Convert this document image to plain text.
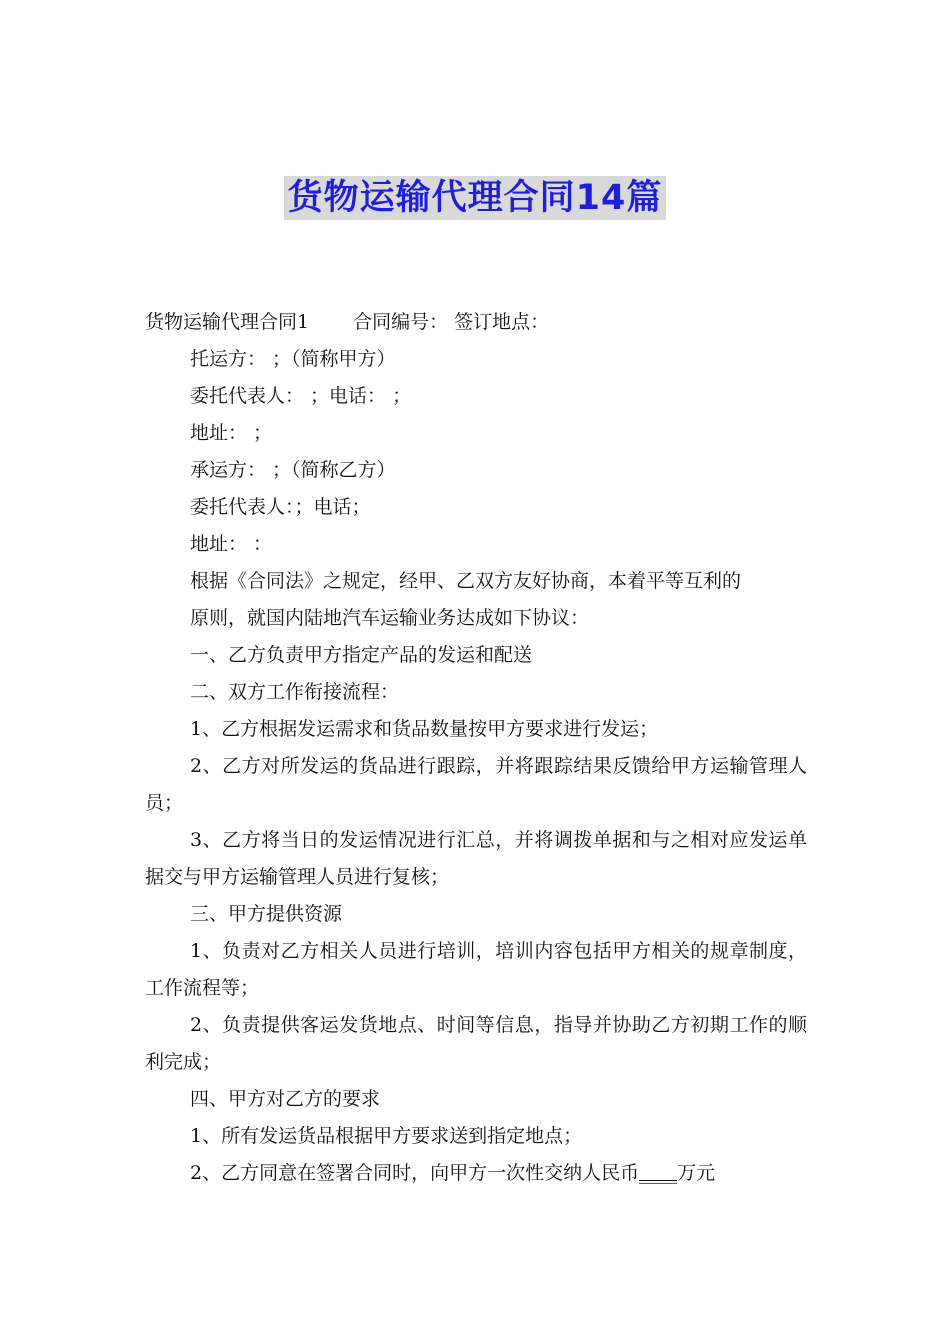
货物运输代理合同14篇

货物运输代理合同1 合同编号： 签订地点：

托运方： ；（简称甲方）

委托代表人： ；电话： ；

地址： ；

承运方： ；（简称乙方）

委托代表人：；电话；

地址： ：

根据《合同法》之规定，经甲、乙双方友好协商，本着平等互利的

原则，就国内陆地汽车运输业务达成如下协议：

一、乙方负责甲方指定产品的发运和配送

二、双方工作衔接流程：

1、乙方根据发运需求和货品数量按甲方要求进行发运；

2、乙方对所发运的货品进行跟踪，并将跟踪结果反馈给甲方运输管理人员；

3、乙方将当日的发运情况进行汇总，并将调拨单据和与之相对应发运单据交与甲方运输管理人员进行复核；

三、甲方提供资源

1、负责对乙方相关人员进行培训，培训内容包括甲方相关的规章制度，工作流程等；

2、负责提供客运发货地点、时间等信息，指导并协助乙方初期工作的顺利完成；

四、甲方对乙方的要求

1、所有发运货品根据甲方要求送到指定地点；

2、乙方同意在签署合同时，向甲方一次性交纳人民币____万元
